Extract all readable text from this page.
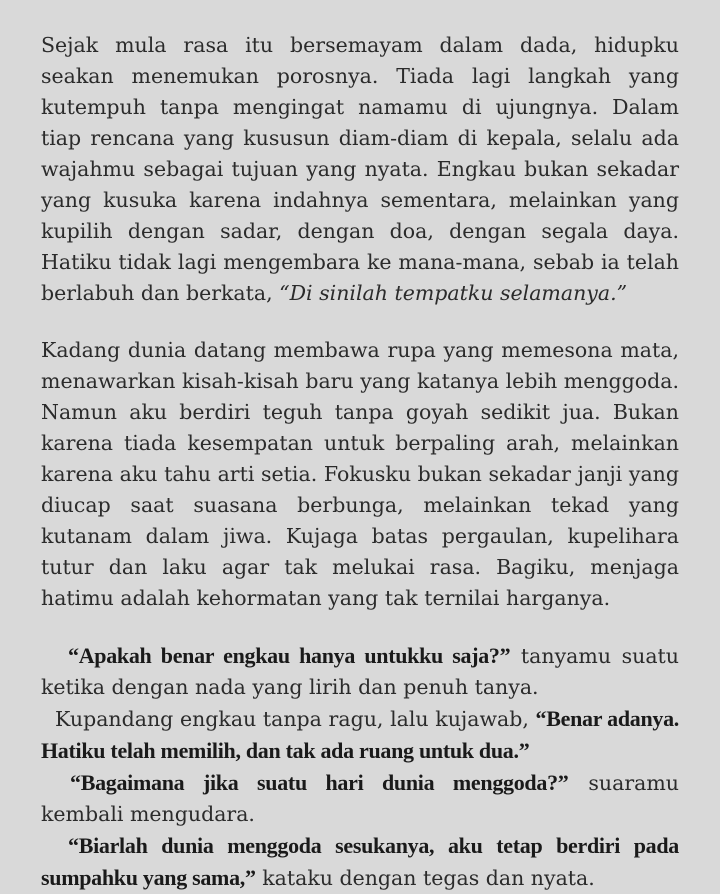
Sejak mula rasa itu bersemayam dalam dada, hidupku seakan menemukan porosnya. Tiada lagi langkah yang kutempuh tanpa mengingat namamu di ujungnya. Dalam tiap rencana yang kususun diam-diam di kepala, selalu ada wajahmu sebagai tujuan yang nyata. Engkau bukan sekadar yang kusuka karena indahnya sementara, melainkan yang kupilih dengan sadar, dengan doa, dengan segala daya. Hatiku tidak lagi mengembara ke mana-mana, sebab ia telah berlabuh dan berkata, “Di sinilah tempatku selamanya.”

Kadang dunia datang membawa rupa yang memesona mata, menawarkan kisah-kisah baru yang katanya lebih menggoda. Namun aku berdiri teguh tanpa goyah sedikit jua. Bukan karena tiada kesempatan untuk berpaling arah, melainkan karena aku tahu arti setia. Fokusku bukan sekadar janji yang diucap saat suasana berbunga, melainkan tekad yang kutanam dalam jiwa. Kujaga batas pergaulan, kupelihara tutur dan laku agar tak melukai rasa. Bagiku, menjaga hatimu adalah kehormatan yang tak ternilai harganya.

“Apakah benar engkau hanya untukku saja?” tanyamu suatu ketika dengan nada yang lirih dan penuh tanya.

Kupandang engkau tanpa ragu, lalu kujawab, “Benar adanya. Hatiku telah memilih, dan tak ada ruang untuk dua.”

“Bagaimana jika suatu hari dunia menggoda?” suaramu kembali mengudara.

“Biarlah dunia menggoda sesukanya, aku tetap berdiri pada sumpahku yang sama,” kataku dengan tegas dan nyata.
